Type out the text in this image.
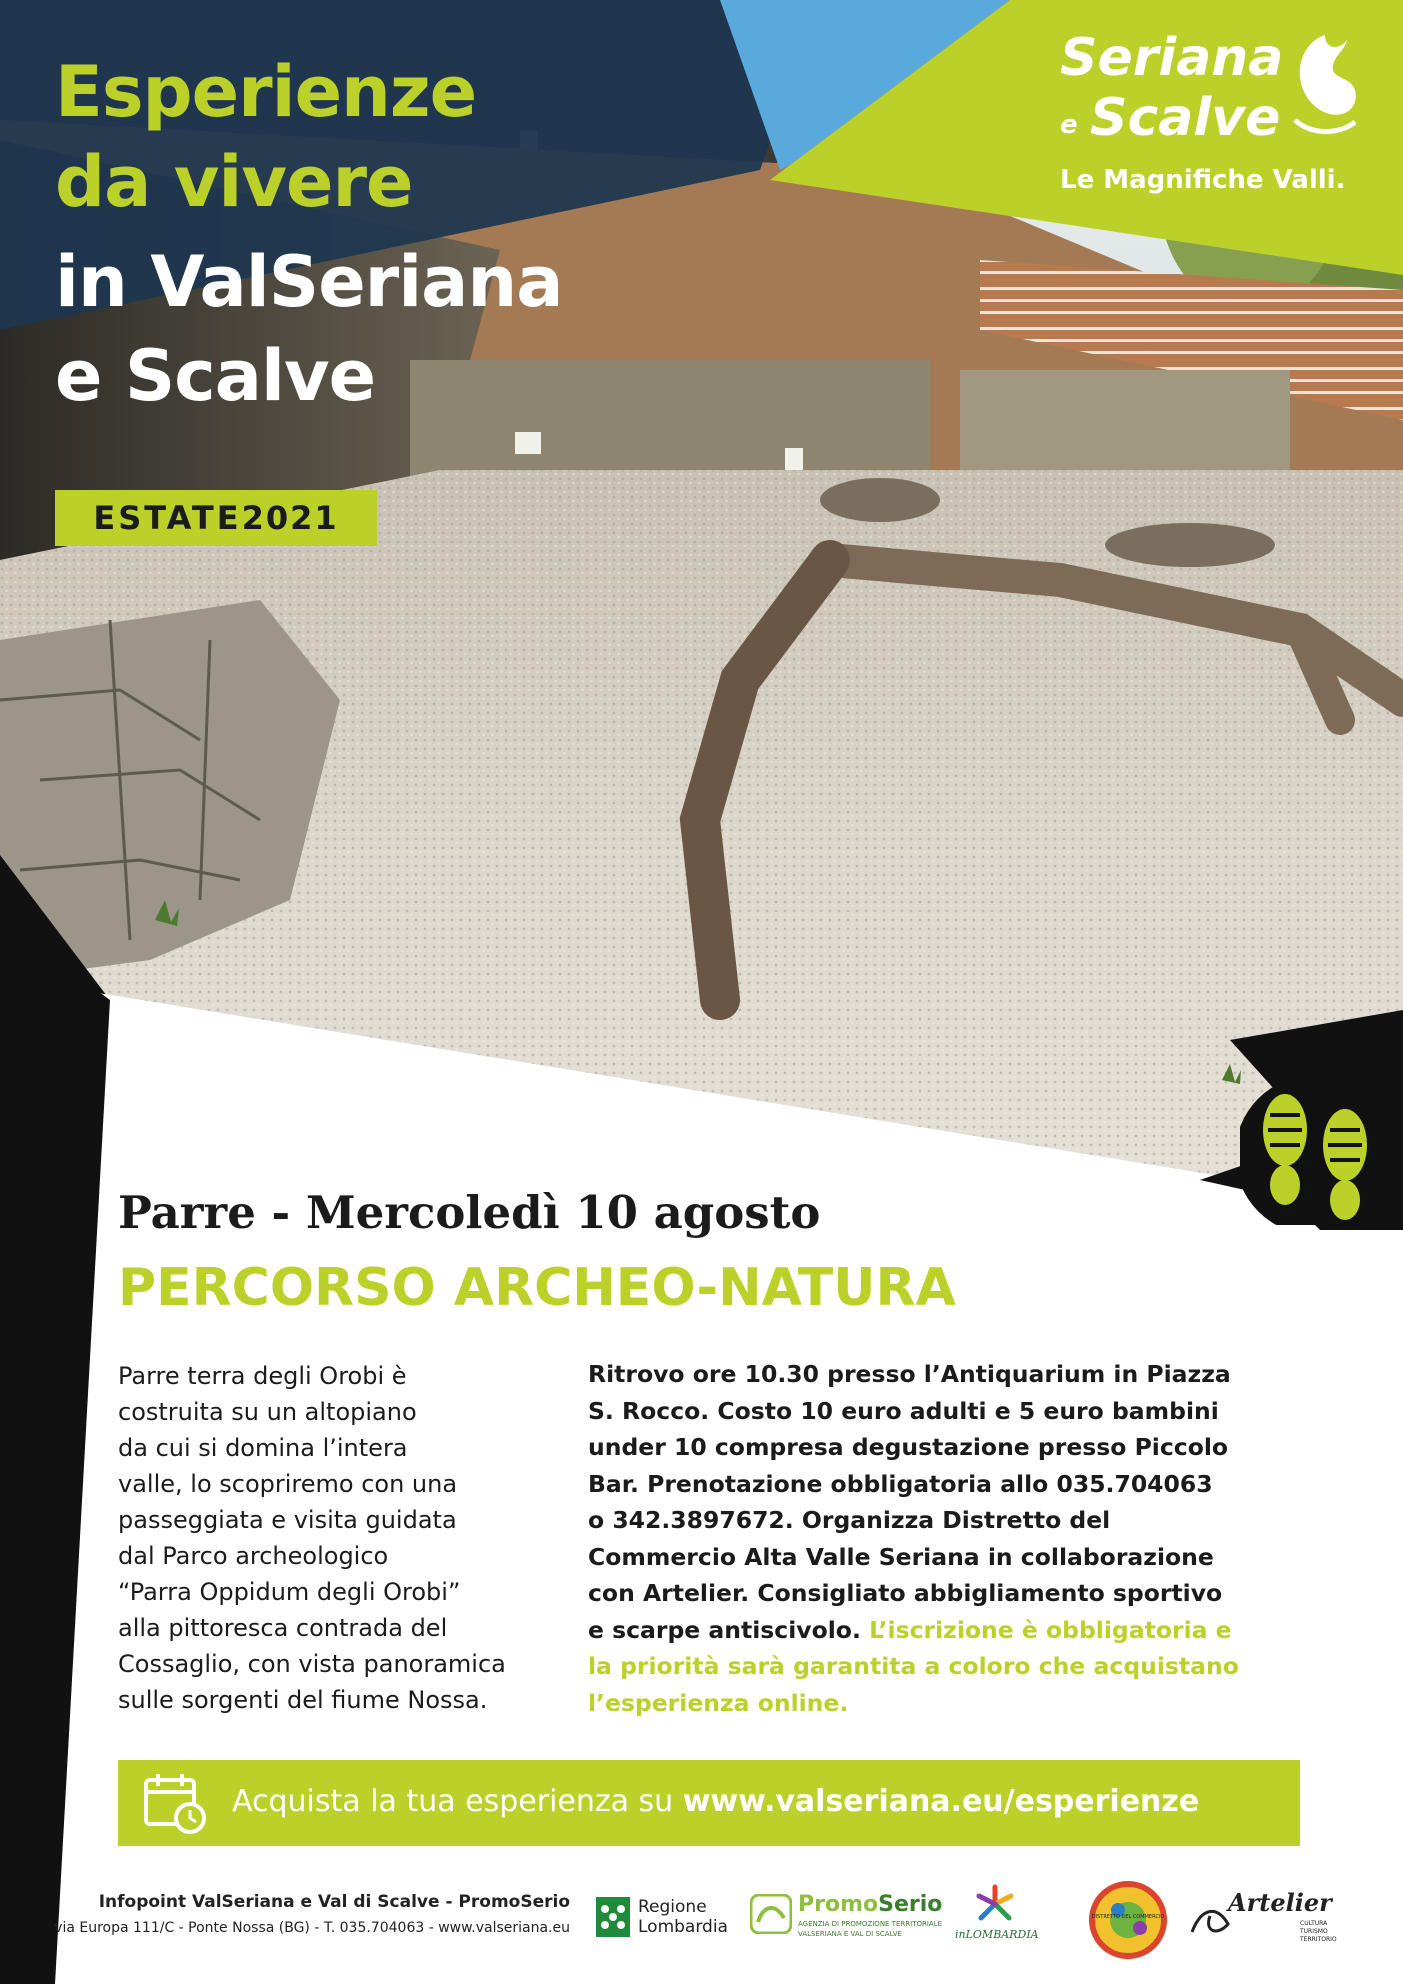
Esperienze
da vivere
in ValSeriana
e Scalve
ESTATE2021
Seriana
e Scalve
Le Magnifiche Valli.
Parre - Mercoledì 10 agosto
PERCORSO ARCHEO-NATURA
Parre terra degli Orobi è
costruita su un altopiano
da cui si domina l’intera
valle, lo scopriremo con una
passeggiata e visita guidata
dal Parco archeologico
“Parra Oppidum degli Orobi”
alla pittoresca contrada del
Cossaglio, con vista panoramica
sulle sorgenti del fiume Nossa.
Ritrovo ore 10.30 presso l’Antiquarium in Piazza
S. Rocco. Costo 10 euro adulti e 5 euro bambini
under 10 compresa degustazione presso Piccolo
Bar. Prenotazione obbligatoria allo 035.704063
o 342.3897672. Organizza Distretto del
Commercio Alta Valle Seriana in collaborazione
con Artelier. Consigliato abbigliamento sportivo
e scarpe antiscivolo. L’iscrizione è obbligatoria e
la priorità sarà garantita a coloro che acquistano
l’esperienza online.
Acquista la tua esperienza su www.valseriana.eu/esperienze
Infopoint ValSeriana e Val di Scalve - PromoSerio
via Europa 111/C - Ponte Nossa (BG) - T. 035.704063 - www.valseriana.eu
Regione
Lombardia
PromoSerio
AGENZIA DI PROMOZIONE TERRITORIALE
VALSERIANA E VAL DI SCALVE	inLOMBARDIA
DISTRETTO DEL COMMERCIO	Artelier
CULTURA
TURISMO
TERRITORIO
